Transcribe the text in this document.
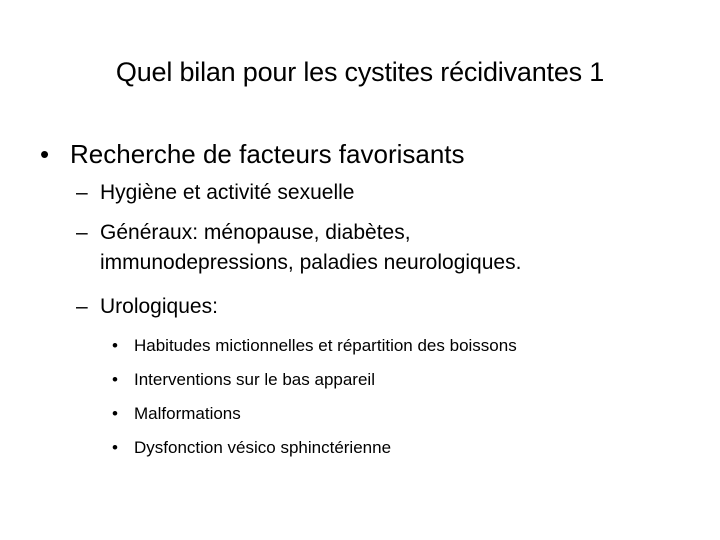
Quel bilan pour les cystites récidivantes 1
• Recherche de facteurs favorisants
– Hygiène et activité sexuelle
– Généraux: ménopause, diabètes,
immunodepressions, paladies neurologiques.
– Urologiques:
• Habitudes mictionnelles et répartition des boissons
• Interventions sur le bas appareil
• Malformations
• Dysfonction vésico sphinctérienne
